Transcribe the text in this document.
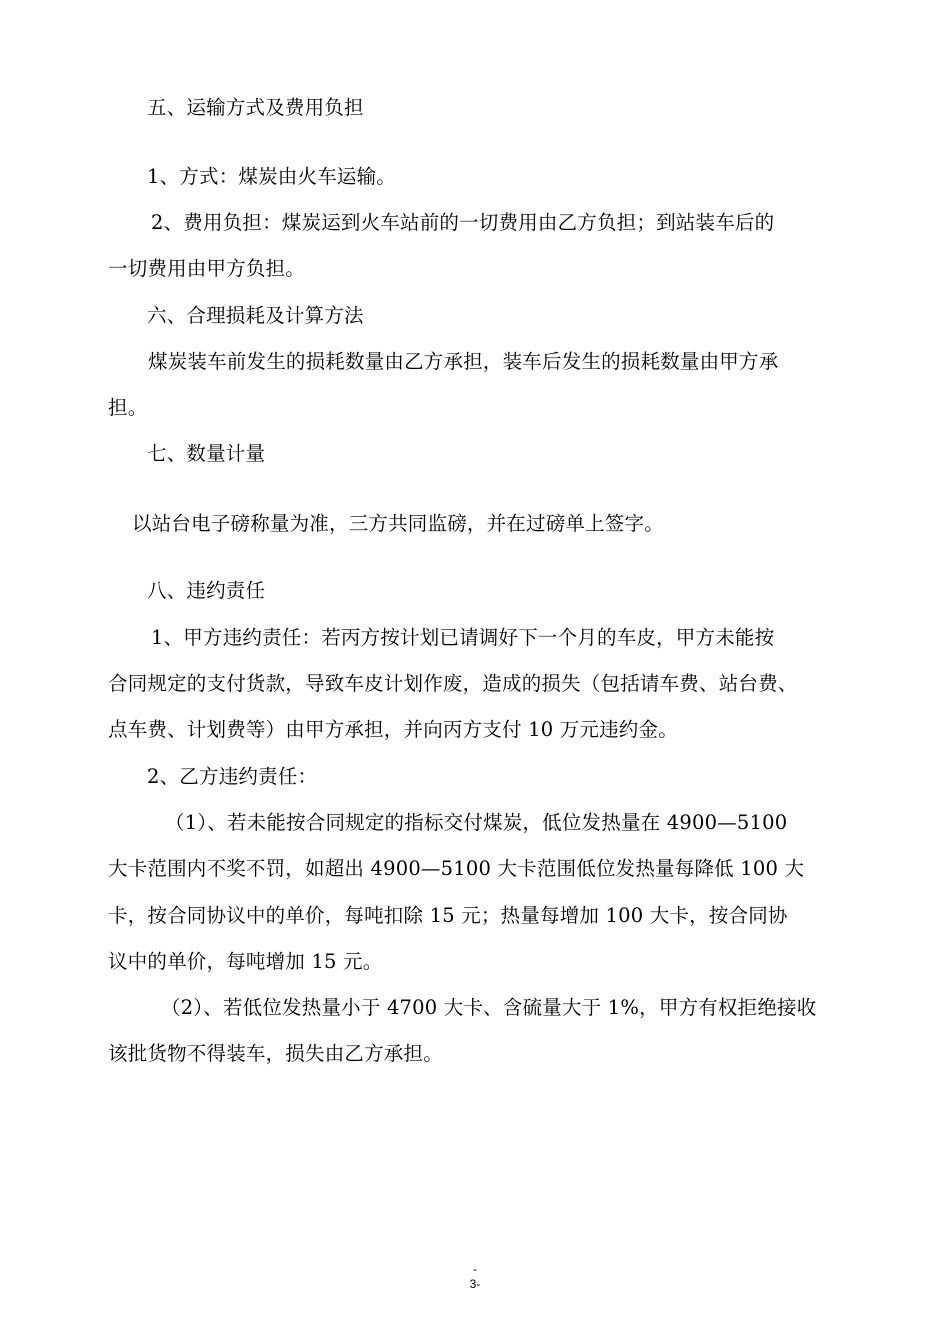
五、运输方式及费用负担

1、方式：煤炭由火车运输。

2、费用负担：煤炭运到火车站前的一切费用由乙方负担；到站装车后的

一切费用由甲方负担。

六、合理损耗及计算方法

煤炭装车前发生的损耗数量由乙方承担，装车后发生的损耗数量由甲方承

担。

七、数量计量

以站台电子磅称量为准，三方共同监磅，并在过磅单上签字。

八、违约责任

1、甲方违约责任：若丙方按计划已请调好下一个月的车皮，甲方未能按

合同规定的支付货款，导致车皮计划作废，造成的损失（包括请车费、站台费、

点车费、计划费等）由甲方承担，并向丙方支付 10 万元违约金。

2、乙方违约责任：

（1）、若未能按合同规定的指标交付煤炭，低位发热量在 4900—5100

大卡范围内不奖不罚，如超出 4900—5100 大卡范围低位发热量每降低 100 大

卡，按合同协议中的单价，每吨扣除 15 元；热量每增加 100 大卡，按合同协

议中的单价，每吨增加 15 元。

（2）、若低位发热量小于 4700 大卡、含硫量大于 1%，甲方有权拒绝接收

该批货物不得装车，损失由乙方承担。

-
3-
